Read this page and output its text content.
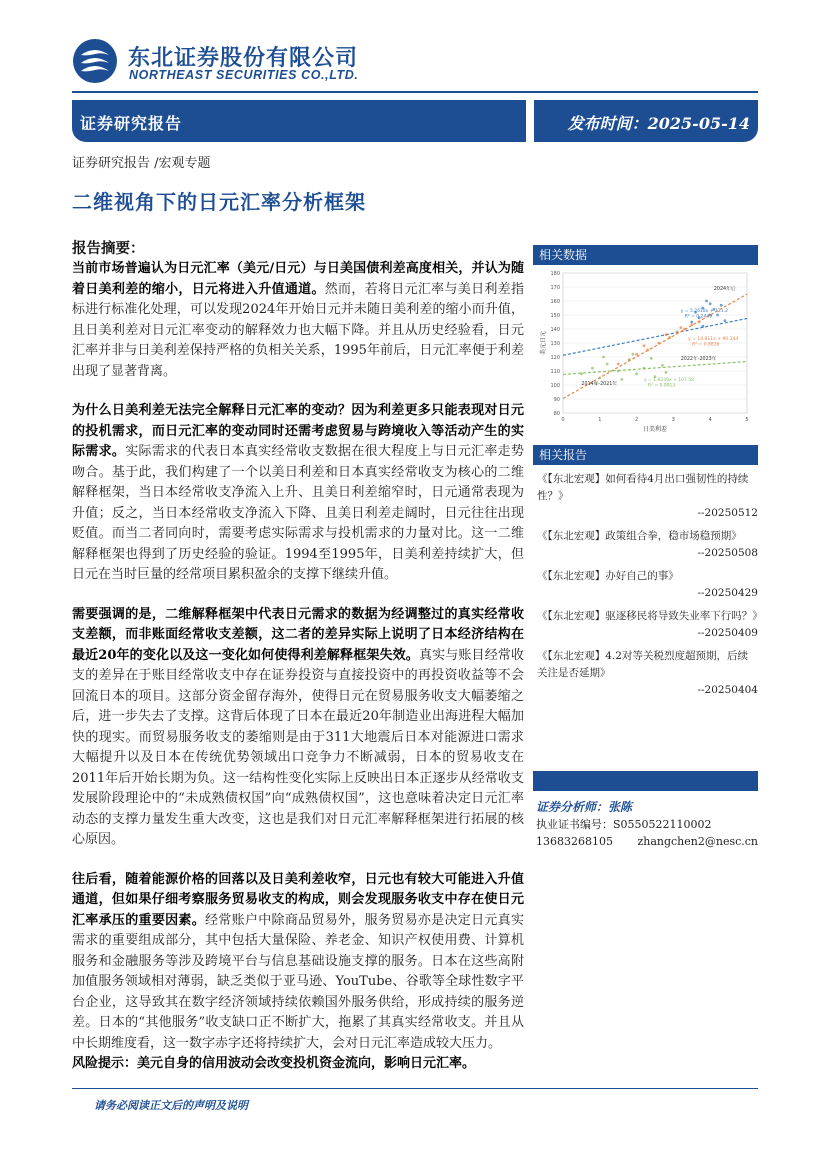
东北证券股份有限公司
NORTHEAST SECURITIES CO.,LTD.
证券研究报告	发布时间：2025-05-14
证券研究报告 /宏观专题
二维视角下的日元汇率分析框架
报告摘要：

当前市场普遍认为日元汇率（美元/日元）与日美国债利差高度相关，并认为随着日美利差的缩小，日元将进入升值通道。然而，若将日元汇率与美日利差指标进行标准化处理，可以发现2024年开始日元并未随日美利差的缩小而升值，且日美利差对日元汇率变动的解释效力也大幅下降。并且从历史经验看，日元汇率并非与日美利差保持严格的负相关关系，1995年前后，日元汇率便于利差出现了显著背离。

为什么日美利差无法完全解释日元汇率的变动？因为利差更多只能表现对日元的投机需求，而日元汇率的变动同时还需考虑贸易与跨境收入等活动产生的实际需求。实际需求的代表日本真实经常收支数据在很大程度上与日元汇率走势吻合。基于此，我们构建了一个以美日利差和日本真实经常收支为核心的二维解释框架，当日本经常收支净流入上升、且美日利差缩窄时，日元通常表现为升值；反之，当日本经常收支净流入下降、且美日利差走阔时，日元往往出现贬值。而当二者同向时，需要考虑实际需求与投机需求的力量对比。这一二维解释框架也得到了历史经验的验证。1994至1995年，日美利差持续扩大，但日元在当时巨量的经常项目累积盈余的支撑下继续升值。

需要强调的是，二维解释框架中代表日元需求的数据为经调整过的真实经常收支差额，而非账面经常收支差额，这二者的差异实际上说明了日本经济结构在最近20年的变化以及这一变化如何使得利差解释框架失效。真实与账目经常收支的差异在于账目经常收支中存在证券投资与直接投资中的再投资收益等不会回流日本的项目。这部分资金留存海外，使得日元在贸易服务收支大幅萎缩之后，进一步失去了支撑。这背后体现了日本在最近20年制造业出海进程大幅加快的现实。而贸易服务收支的萎缩则是由于311大地震后日本对能源进口需求大幅提升以及日本在传统优势领域出口竞争力不断减弱，日本的贸易收支在2011年后开始长期为负。这一结构性变化实际上反映出日本正逐步从经常收支发展阶段理论中的“未成熟债权国”向“成熟债权国”，这也意味着决定日元汇率动态的支撑力量发生重大改变，这也是我们对日元汇率解释框架进行拓展的核心原因。

往后看，随着能源价格的回落以及日美利差收窄，日元也有较大可能进入升值通道，但如果仔细考察服务贸易收支的构成，则会发现服务收支中存在使日元汇率承压的重要因素。经常账户中除商品贸易外，服务贸易亦是决定日元真实需求的重要组成部分，其中包括大量保险、养老金、知识产权使用费、计算机服务和金融服务等涉及跨境平台与信息基础设施支撑的服务。日本在这些高附加值服务领域相对薄弱，缺乏类似于亚马逊、YouTube、谷歌等全球性数字平台企业，这导致其在数字经济领域持续依赖国外服务供给，形成持续的服务逆差。日本的“其他服务”收支缺口正不断扩大，拖累了其真实经常收支。并且从中长期维度看，这一数字赤字还将持续扩大，会对日元汇率造成较大压力。

风险提示：美元自身的信用波动会改变投机资金流向，影响日元汇率。

相关数据
80
90
100
110
120
130
140
150
160
170
180
0	1	2	3	4	5
日美利差
美元日元
y = 5.2618x + 121.2
R² = 0.2449
2024年后
y = 14.911x + 90.344
R² = 0.8836
2022年-2023年
y = 1.8339x + 107.58
R² = 0.0013
2014年-2021年
相关报告
《【东北宏观】如何看待4月出口强韧性的持续性？》
--20250512
《【东北宏观】政策组合拳，稳市场稳预期》
--20250508
《【东北宏观】办好自己的事》
--20250429
《【东北宏观】驱逐移民将导致失业率下行吗？》
--20250409
《【东北宏观】4.2对等关税烈度超预期，后续关注是否延期》
--20250404
证券分析师：张陈
执业证书编号：S0550522110002
13683268105 zhangchen2@nesc.cn
请务必阅读正文后的声明及说明
